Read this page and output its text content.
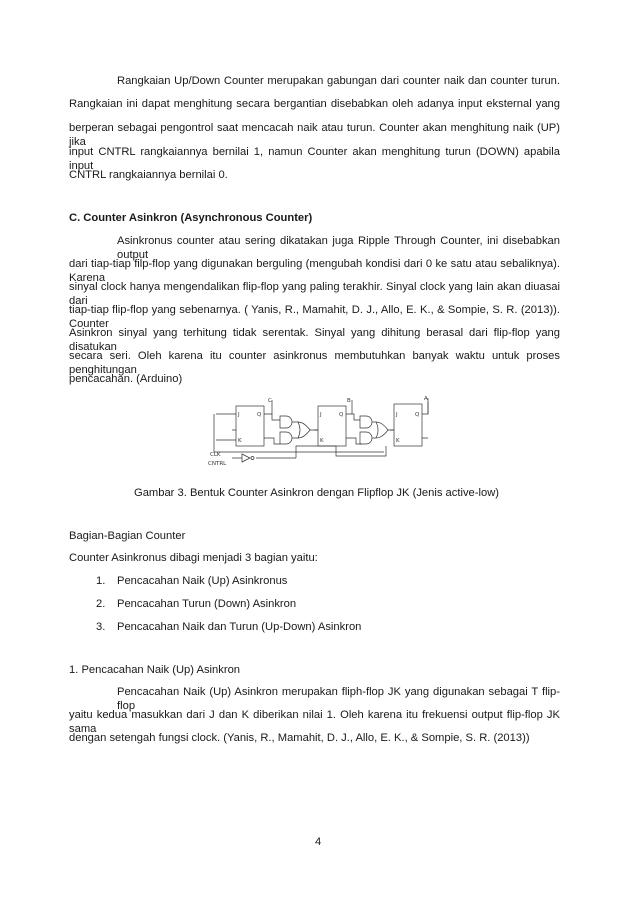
Rangkaian Up/Down Counter merupakan gabungan dari counter naik dan counter turun.
Rangkaian ini dapat menghitung secara bergantian disebabkan oleh adanya input eksternal yang
berperan sebagai pengontrol saat mencacah naik atau turun. Counter akan menghitung naik (UP) jika
input CNTRL rangkaiannya bernilai 1, namun Counter akan menghitung turun (DOWN) apabila input
CNTRL rangkaiannya bernilai 0.
C. Counter Asinkron (Asynchronous Counter)
Asinkronus counter atau sering dikatakan juga Ripple Through Counter, ini disebabkan output
dari tiap-tiap filp-flop yang digunakan berguling (mengubah kondisi dari 0 ke satu atau sebaliknya). Karena
sinyal clock hanya mengendalikan flip-flop yang paling terakhir. Sinyal clock yang lain akan diuasai dari
tiap-tiap flip-flop yang sebenarnya. ( Yanis, R., Mamahit, D. J., Allo, E. K., & Sompie, S. R. (2013)). Counter
Asinkron sinyal yang terhitung tidak serentak. Sinyal yang dihitung berasal dari flip-flop yang disatukan
secara seri. Oleh karena itu counter asinkronus membutuhkan banyak waktu untuk proses penghitungan
pencacahan. (Arduino)
C	B	A
J
K
Q	J
K
Q	J
K
Q
CLK
CNTRL
Gambar 3. Bentuk Counter Asinkron dengan Flipflop JK (Jenis active-low)
Bagian-Bagian Counter
Counter Asinkronus dibagi menjadi 3 bagian yaitu:
1. Pencacahan Naik (Up) Asinkronus
2. Pencacahan Turun (Down) Asinkron
3. Pencacahan Naik dan Turun (Up-Down) Asinkron
1. Pencacahan Naik (Up) Asinkron
Pencacahan Naik (Up) Asinkron merupakan fliph-flop JK yang digunakan sebagai T flip-flop
yaitu kedua masukkan dari J dan K diberikan nilai 1. Oleh karena itu frekuensi output flip-flop JK sama
dengan setengah fungsi clock. (Yanis, R., Mamahit, D. J., Allo, E. K., & Sompie, S. R. (2013))
4
